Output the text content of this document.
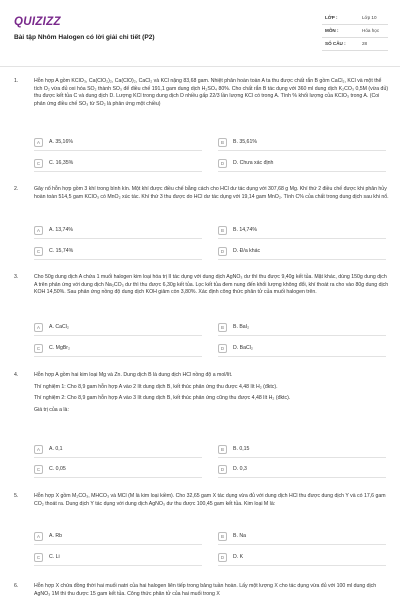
QUIZIZZ
Bài tập Nhôm Halogen có lời giải chi tiết (P2)
LỚP :	Lớp 10
MÔN :	Hóa học
SỐ CÂU :	28
1.	Hỗn hợp A gồm KClO₃, Ca(ClO₂)₂, Ca(ClO)₂, CaCl₂ và KCl nặng 83,68 gam. Nhiệt phân hoàn toàn A ta thu được chất rắn B gồm CaCl₂, KCl và một thể tích O₂ vừa đủ oxi hóa SO₂ thành SO₃ để điều chế 191,1 gam dung dịch H₂SO₄ 80%. Cho chất rắn B tác dụng với 360 ml dung dịch K₂CO₃ 0,5M (vừa đủ) thu được kết tủa C và dung dịch D. Lượng KCl trong dung dịch D nhiều gấp 22/3 lần lượng KCl có trong A. Tính % khối lượng của KClO₃ trong A. (Coi phản ứng điều chế SO₃ từ SO₂ là phản ứng một chiều)

A	A. 35,16%	B	B. 35,61%
C	C. 16,35%	D	D. Chưa xác định
2.	Gây nổ hỗn hợp gồm 3 khí trong bình kín. Một khí được điều chế bằng cách cho HCl dư tác dụng với 307,68 g Mg. Khí thứ 2 điều chế được khi phân hủy hoàn toàn 514,5 gam KClO₃ có MnO₂ xúc tác. Khí thứ 3 thu được do HCl dư tác dụng với 19,14 gam MnO₂. Tính C% của chất trong dung dịch sau khi nổ.

A	A. 13,74%	B	B. 14,74%
C	C. 15,74%	D	D. Đ/a khác
3.	Cho 50g dung dịch A chứa 1 muối halogen kim loại hóa trị II tác dụng với dung dịch AgNO₃ dư thì thu được 9,40g kết tủa. Mặt khác, dùng 150g dung dịch A trên phản ứng với dung dịch Na₂CO₃ dư thì thu được 6,30g kết tủa. Lọc kết tủa đem nung đến khối lượng không đổi, khí thoát ra cho vào 80g dung dịch KOH 14,50%. Sau phản ứng nồng độ dung dịch KOH giảm còn 3,80%. Xác định công thức phân tử của muối halogen trên.

A	A. CaCl₂	B	B. BaI₂
C	C. MgBr₂	D	D. BaCl₂
4.	Hỗn hợp A gồm hai kim loại Mg và Zn. Dung dịch B là dung dịch HCl nồng độ a mol/lít.

Thí nghiệm 1: Cho 8,9 gam hỗn hợp A vào 2 lít dung dịch B, kết thúc phản ứng thu được 4,48 lít H₂ (đktc).

Thí nghiệm 2: Cho 8,9 gam hỗn hợp A vào 3 lít dung dịch B, kết thúc phản ứng cũng thu được 4,48 lít H₂ (đktc).

Giá trị của a là:

A	A. 0,1	B	B. 0,15
C	C. 0,05	D	D. 0,3
5.	Hỗn hợp X gồm M₂CO₃, MHCO₃ và MCl (M là kim loại kiềm). Cho 32,65 gam X tác dụng vừa đủ với dung dịch HCl thu được dung dịch Y và có 17,6 gam CO₂ thoát ra. Dung dịch Y tác dụng với dung dịch AgNO₃ dư thu được 100,45 gam kết tủa. Kim loại M là:

A	A. Rb	B	B. Na
C	C. Li	D	D. K
6.	Hỗn hợp X chứa đồng thời hai muối natri của hai halogen liên tiếp trong bảng tuần hoàn. Lấy một lượng X cho tác dụng vừa đủ với 100 ml dung dịch AgNO₃ 1M thì thu được 15 gam kết tủa. Công thức phân tử của hai muối trong X
